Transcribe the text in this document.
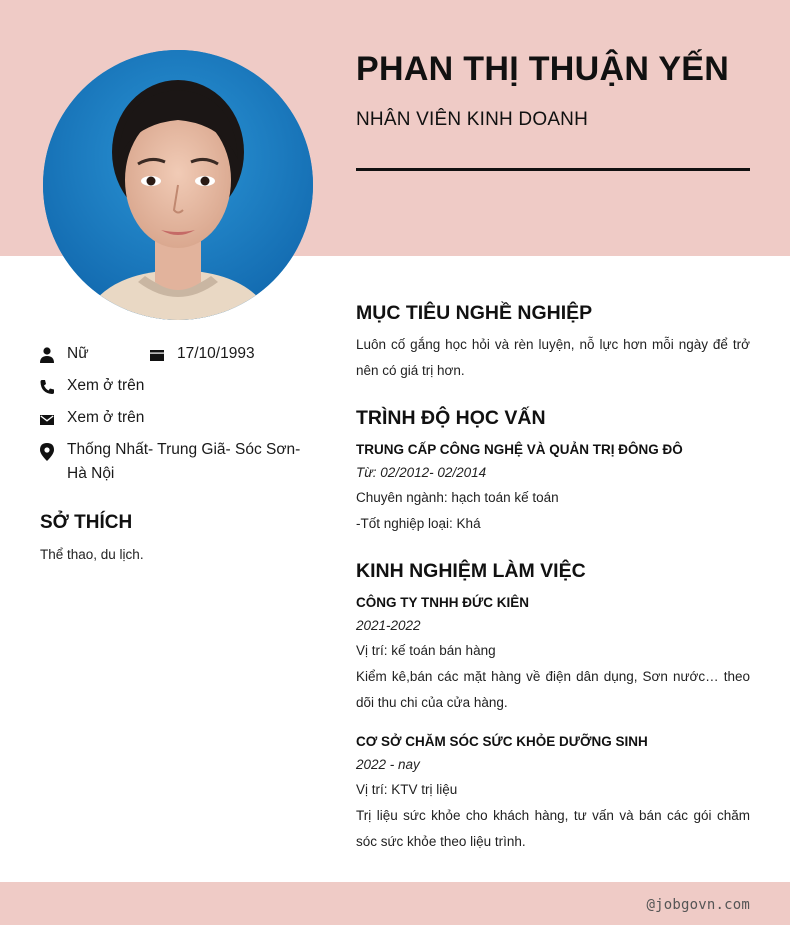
PHAN THỊ THUẬN YẾN
NHÂN VIÊN KINH DOANH
Nữ	17/10/1993
Xem ở trên
Xem ở trên
Thống Nhất- Trung Giã- Sóc Sơn-
Hà Nội
SỞ THÍCH
Thể thao, du lịch.
MỤC TIÊU NGHỀ NGHIỆP
Luôn cố gắng học hỏi và rèn luyện, nỗ lực hơn mỗi ngày để trở nên có giá trị hơn.
TRÌNH ĐỘ HỌC VẤN
TRUNG CẤP CÔNG NGHỆ VÀ QUẢN TRỊ ĐÔNG ĐÔ
Từ: 02/2012- 02/2014
Chuyên ngành: hạch toán kế toán
-Tốt nghiệp loại: Khá
KINH NGHIỆM LÀM VIỆC
CÔNG TY TNHH ĐỨC KIÊN
2021-2022
Vị trí: kế toán bán hàng
Kiểm kê,bán các mặt hàng về điện dân dụng, Sơn nước… theo dõi thu chi của cửa hàng.
CƠ SỞ CHĂM SÓC SỨC KHỎE DƯỠNG SINH
2022 - nay
Vị trí: KTV trị liệu
Trị liệu sức khỏe cho khách hàng, tư vấn và bán các gói chăm sóc sức khỏe theo liệu trình.
@jobgovn.com
